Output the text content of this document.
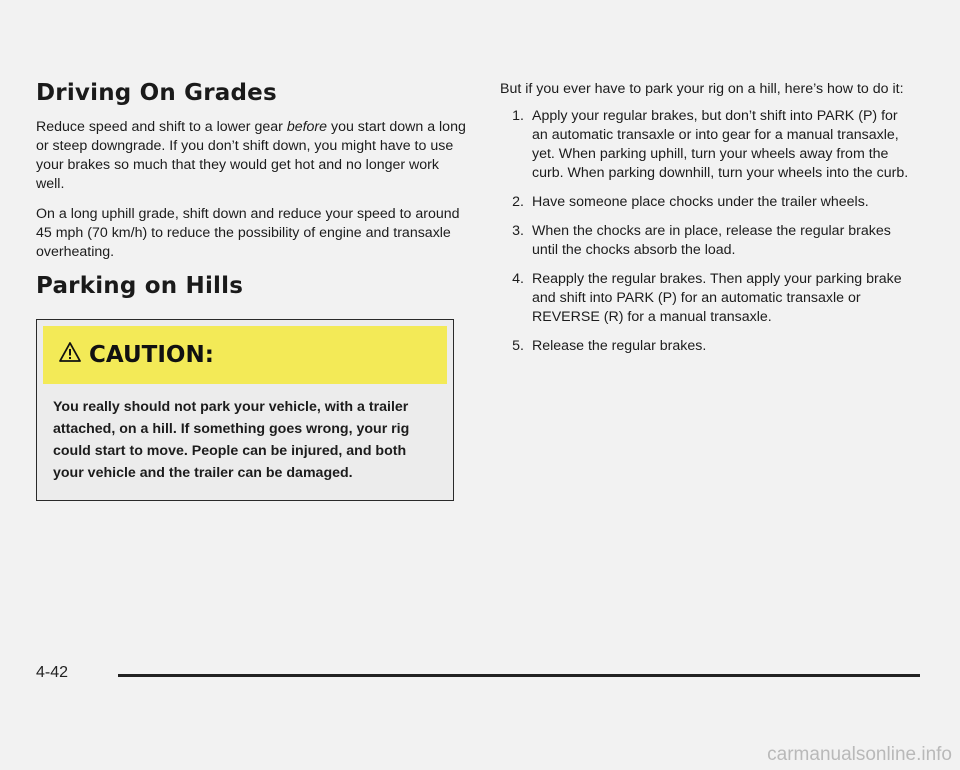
Driving On Grades

Reduce speed and shift to a lower gear before you start down a long or steep downgrade. If you don’t shift down, you might have to use your brakes so much that they would get hot and no longer work well.

On a long uphill grade, shift down and reduce your speed to around 45 mph (70 km/h) to reduce the possibility of engine and transaxle overheating.

Parking on Hills
CAUTION:
You really should not park your vehicle, with a trailer attached, on a hill. If something goes wrong, your rig could start to move. People can be injured, and both your vehicle and the trailer can be damaged.

But if you ever have to park your rig on a hill, here’s how to do it:

1. Apply your regular brakes, but don’t shift into PARK (P) for an automatic transaxle or into gear for a manual transaxle, yet. When parking uphill, turn your wheels away from the curb. When parking downhill, turn your wheels into the curb.
2. Have someone place chocks under the trailer wheels.
3. When the chocks are in place, release the regular brakes until the chocks absorb the load.
4. Reapply the regular brakes. Then apply your parking brake and shift into PARK (P) for an automatic transaxle or REVERSE (R) for a manual transaxle.
5. Release the regular brakes.
4-42
carmanualsonline.info
